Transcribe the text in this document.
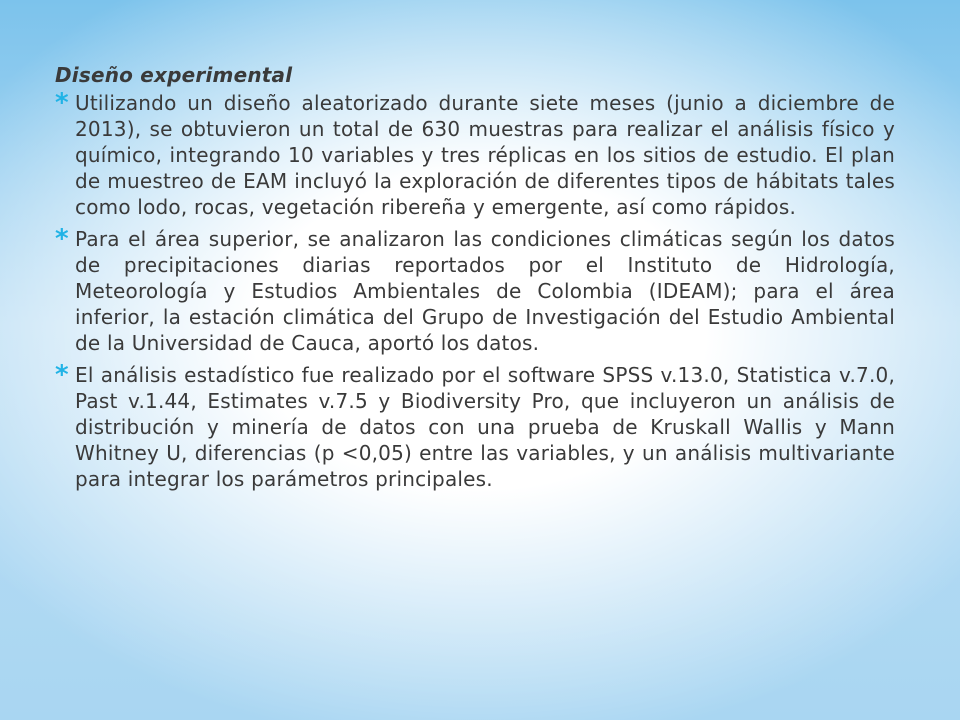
Diseño experimental
* Utilizando un diseño aleatorizado durante siete meses (junio a diciembre de 2013), se obtuvieron un total de 630 muestras para realizar el análisis físico y químico, integrando 10 variables y tres réplicas en los sitios de estudio. El plan de muestreo de EAM incluyó la exploración de diferentes tipos de hábitats tales como lodo, rocas, vegetación ribereña y emergente, así como rápidos.
* Para el área superior, se analizaron las condiciones climáticas según los datos de precipitaciones diarias reportados por el Instituto de Hidrología, Meteorología y Estudios Ambientales de Colombia (IDEAM); para el área inferior, la estación climática del Grupo de Investigación del Estudio Ambiental de la Universidad de Cauca, aportó los datos.
* El análisis estadístico fue realizado por el software SPSS v.13.0, Statistica v.7.0, Past v.1.44, Estimates v.7.5 y Biodiversity Pro, que incluyeron un análisis de distribución y minería de datos con una prueba de Kruskall Wallis y Mann Whitney U, diferencias (p <0,05) entre las variables, y un análisis multivariante para integrar los parámetros principales.
